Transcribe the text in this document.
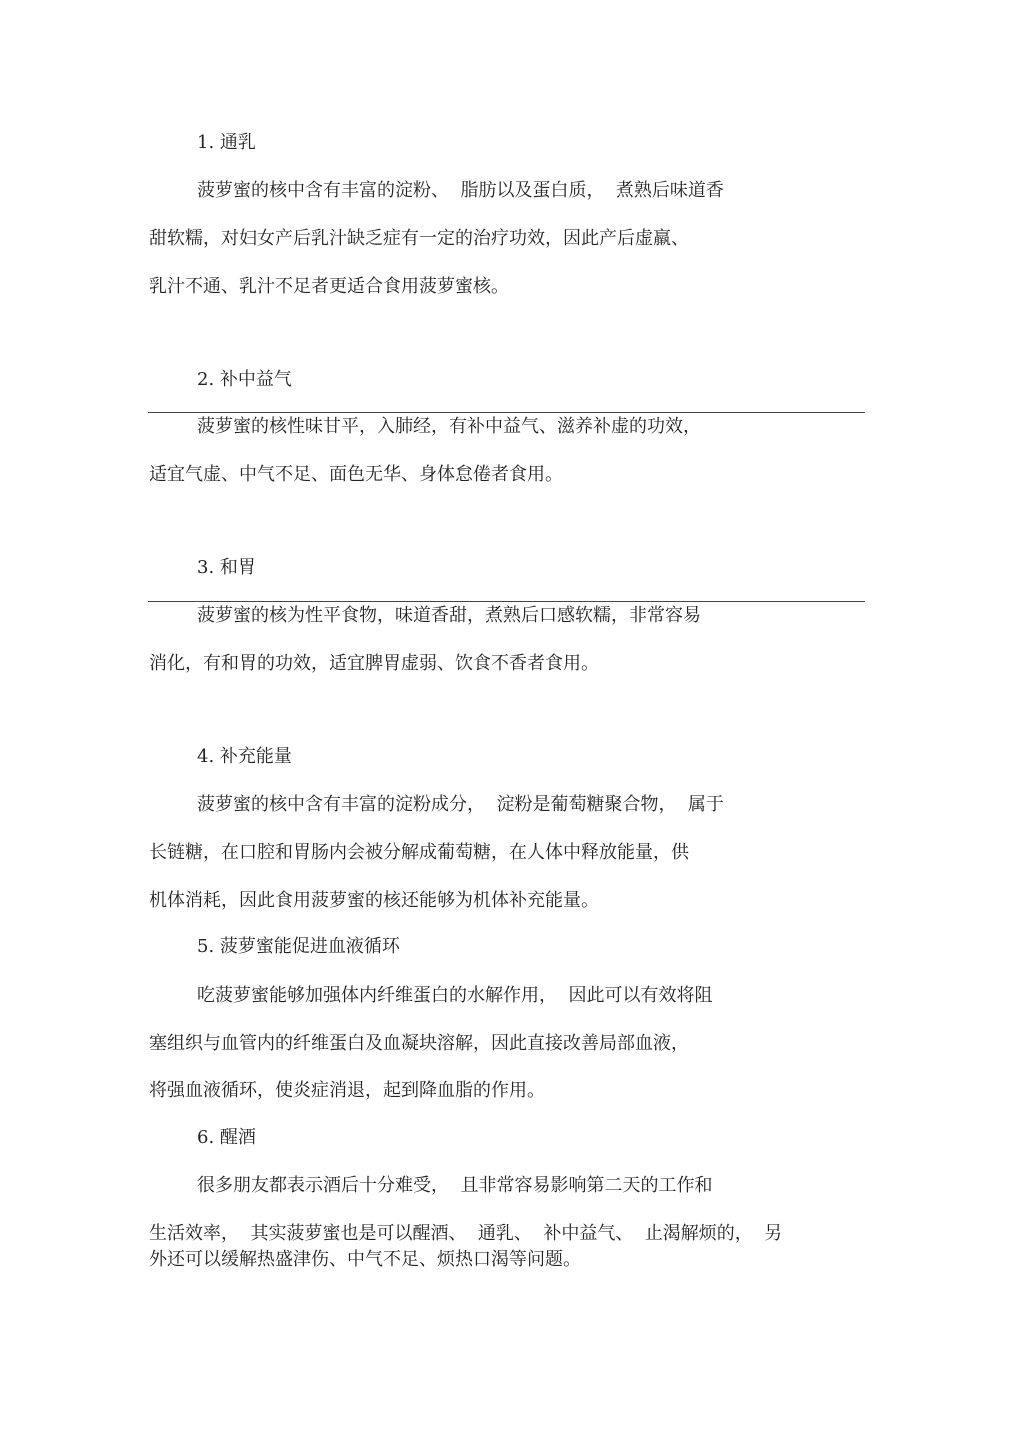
1. 通乳
菠萝蜜的核中含有丰富的淀粉、  脂肪以及蛋白质，  煮熟后味道香
甜软糯，对妇女产后乳汁缺乏症有一定的治疗功效，因此产后虚羸、
乳汁不通、乳汁不足者更适合食用菠萝蜜核。
2. 补中益气
菠萝蜜的核性味甘平，入肺经，有补中益气、滋养补虚的功效，
适宜气虚、中气不足、面色无华、身体怠倦者食用。
3. 和胃
菠萝蜜的核为性平食物，味道香甜，煮熟后口感软糯，非常容易
消化，有和胃的功效，适宜脾胃虚弱、饮食不香者食用。
4. 补充能量
菠萝蜜的核中含有丰富的淀粉成分，  淀粉是葡萄糖聚合物，  属于
长链糖，在口腔和胃肠内会被分解成葡萄糖，在人体中释放能量，供
机体消耗，因此食用菠萝蜜的核还能够为机体补充能量。
5. 菠萝蜜能促进血液循环
吃菠萝蜜能够加强体内纤维蛋白的水解作用，  因此可以有效将阻
塞组织与血管内的纤维蛋白及血凝块溶解，因此直接改善局部血液，
将强血液循环，使炎症消退，起到降血脂的作用。
6. 醒酒
很多朋友都表示酒后十分难受，  且非常容易影响第二天的工作和
生活效率，  其实菠萝蜜也是可以醒酒、  通乳、  补中益气、  止渴解烦的，  另
外还可以缓解热盛津伤、中气不足、烦热口渴等问题。
